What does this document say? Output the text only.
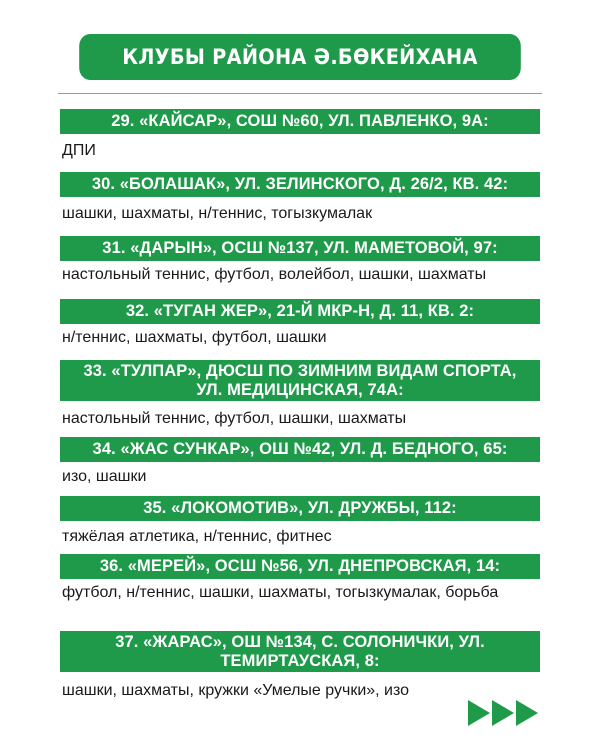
КЛУБЫ РАЙОНА Ә.БӨКЕЙХАНА
29. «КАЙСАР», СОШ №60, УЛ. ПАВЛЕНКО, 9А:
ДПИ
30. «БОЛАШАК», УЛ. ЗЕЛИНСКОГО, Д. 26/2, КВ. 42:
шашки, шахматы, н/теннис, тогызкумалак
31. «ДАРЫН», ОСШ №137, УЛ. МАМЕТОВОЙ, 97:
настольный теннис, футбол, волейбол, шашки, шахматы
32. «ТУГАН ЖЕР», 21-Й МКР-Н, Д. 11, КВ. 2:
н/теннис, шахматы, футбол, шашки
33. «ТУЛПАР», ДЮСШ ПО ЗИМНИМ ВИДАМ СПОРТА, УЛ. МЕДИЦИНСКАЯ, 74А:
настольный теннис, футбол, шашки, шахматы
34. «ЖАС СУНКАР», ОШ №42, УЛ. Д. БЕДНОГО, 65:
изо, шашки
35. «ЛОКОМОТИВ», УЛ. ДРУЖБЫ, 112:
тяжёлая атлетика, н/теннис, фитнес
36. «МЕРЕЙ», ОСШ №56, УЛ. ДНЕПРОВСКАЯ, 14:
футбол, н/теннис, шашки, шахматы, тогызкумалак, борьба
37. «ЖАРАС», ОШ №134, С. СОЛОНИЧКИ, УЛ. ТЕМИРТАУСКАЯ, 8:
шашки, шахматы, кружки «Умелые ручки», изо
